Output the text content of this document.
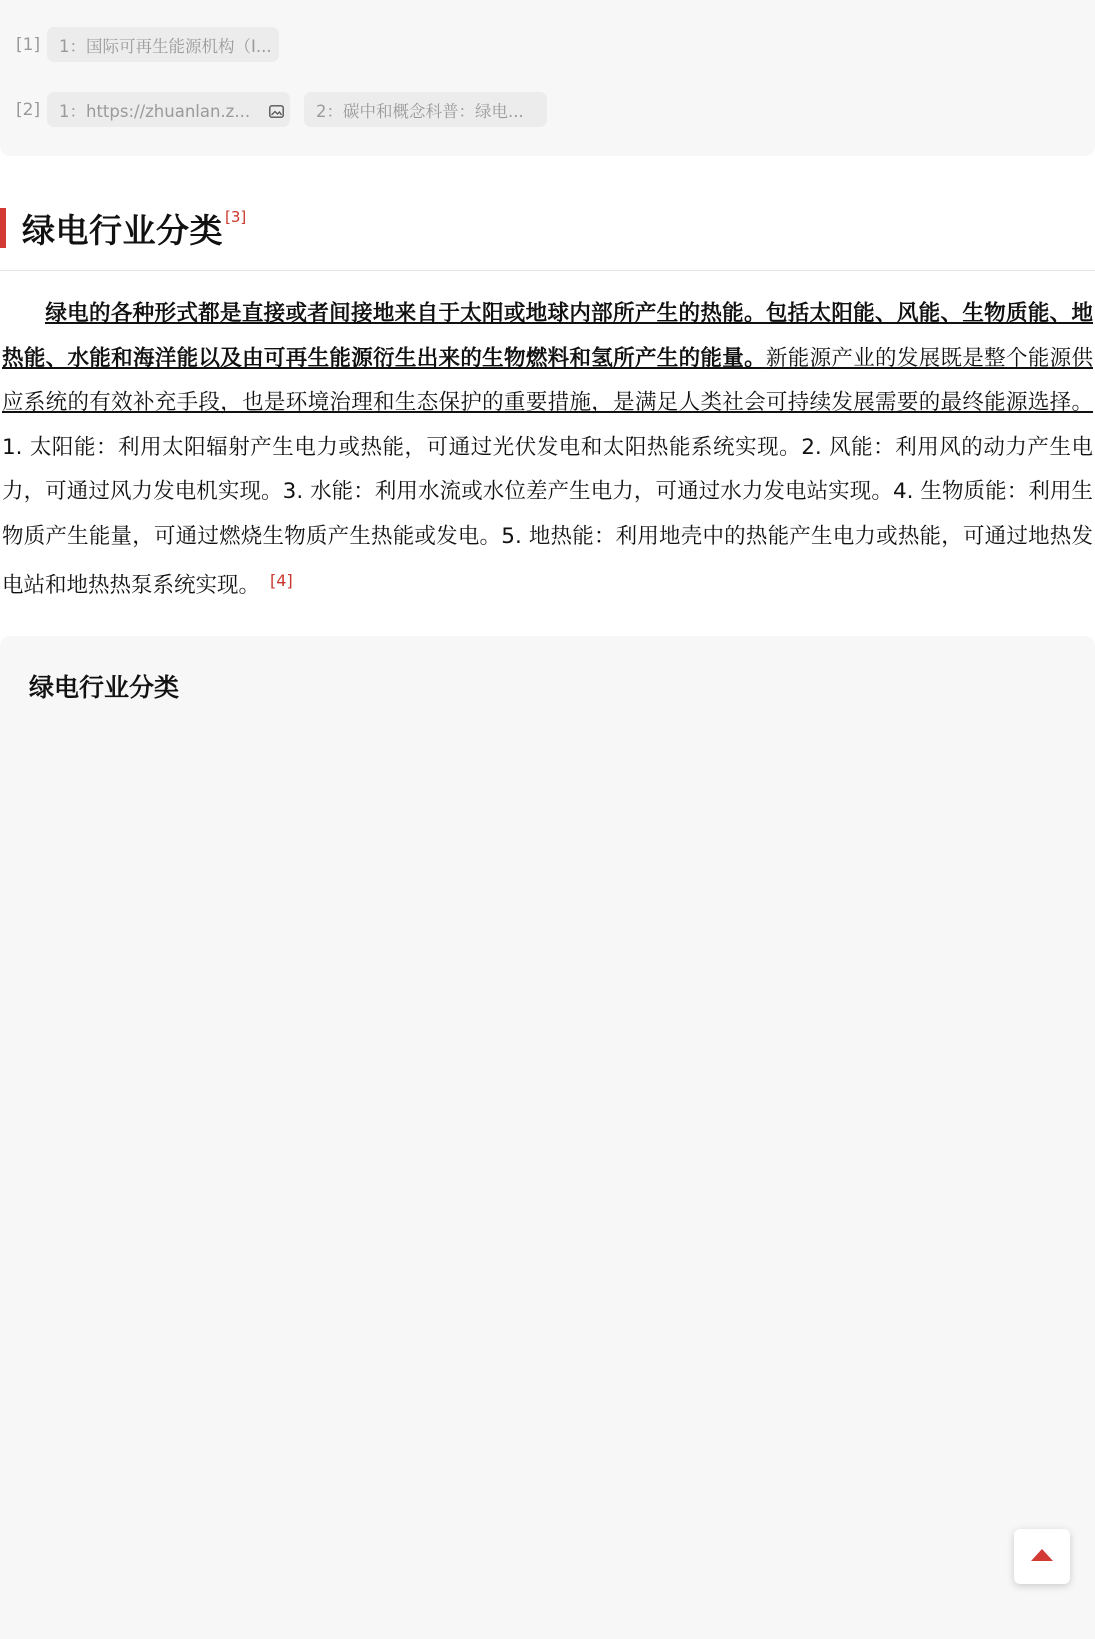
[1]	1：国际可再生能源机构（I...
[2]	1：https://zhuanlan.z...	2：碳中和概念科普：绿电...
绿电行业分类 [3]
绿电的各种形式都是直接或者间接地来自于太阳或地球内部所产生的热能。包括太阳能、风能、生物质能、地热能、水能和海洋能以及由可再生能源衍生出来的生物燃料和氢所产生的能量。新能源产业的发展既是整个能源供应系统的有效补充手段，也是环境治理和生态保护的重要措施，是满足人类社会可持续发展需要的最终能源选择。1. 太阳能：利用太阳辐射产生电力或热能，可通过光伏发电和太阳热能系统实现。2. 风能：利用风的动力产生电力，可通过风力发电机实现。3. 水能：利用水流或水位差产生电力，可通过水力发电站实现。4. 生物质能：利用生物质产生能量，可通过燃烧生物质产生热能或发电。5. 地热能：利用地壳中的热能产生电力或热能，可通过地热发电站和地热热泵系统实现。 [4]
绿电行业分类
